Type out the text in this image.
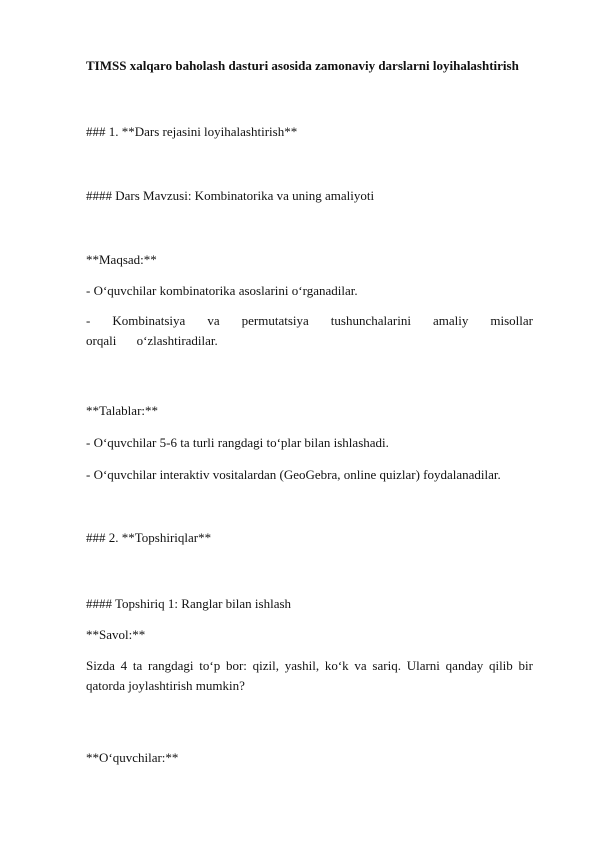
TIMSS xalqaro baholash dasturi asosida zamonaviy darslarni loyihalashtirish
### 1. **Dars rejasini loyihalashtirish**
#### Dars Mavzusi: Kombinatorika va uning amaliyoti
**Maqsad:**
- O‘quvchilar kombinatorika asoslarini o‘rganadilar.
- Kombinatsiya va permutatsiya tushunchalarini amaliy misollar orqali o‘zlashtiradilar.
**Talablar:**
- O‘quvchilar 5-6 ta turli rangdagi to‘plar bilan ishlashadi.
- O‘quvchilar interaktiv vositalardan (GeoGebra, online quizlar) foydalanadilar.
### 2. **Topshiriqlar**
#### Topshiriq 1: Ranglar bilan ishlash
**Savol:**
Sizda 4 ta rangdagi to‘p bor: qizil, yashil, ko‘k va sariq. Ularni qanday qilib bir qatorda joylashtirish mumkin?
**O‘quvchilar:**
